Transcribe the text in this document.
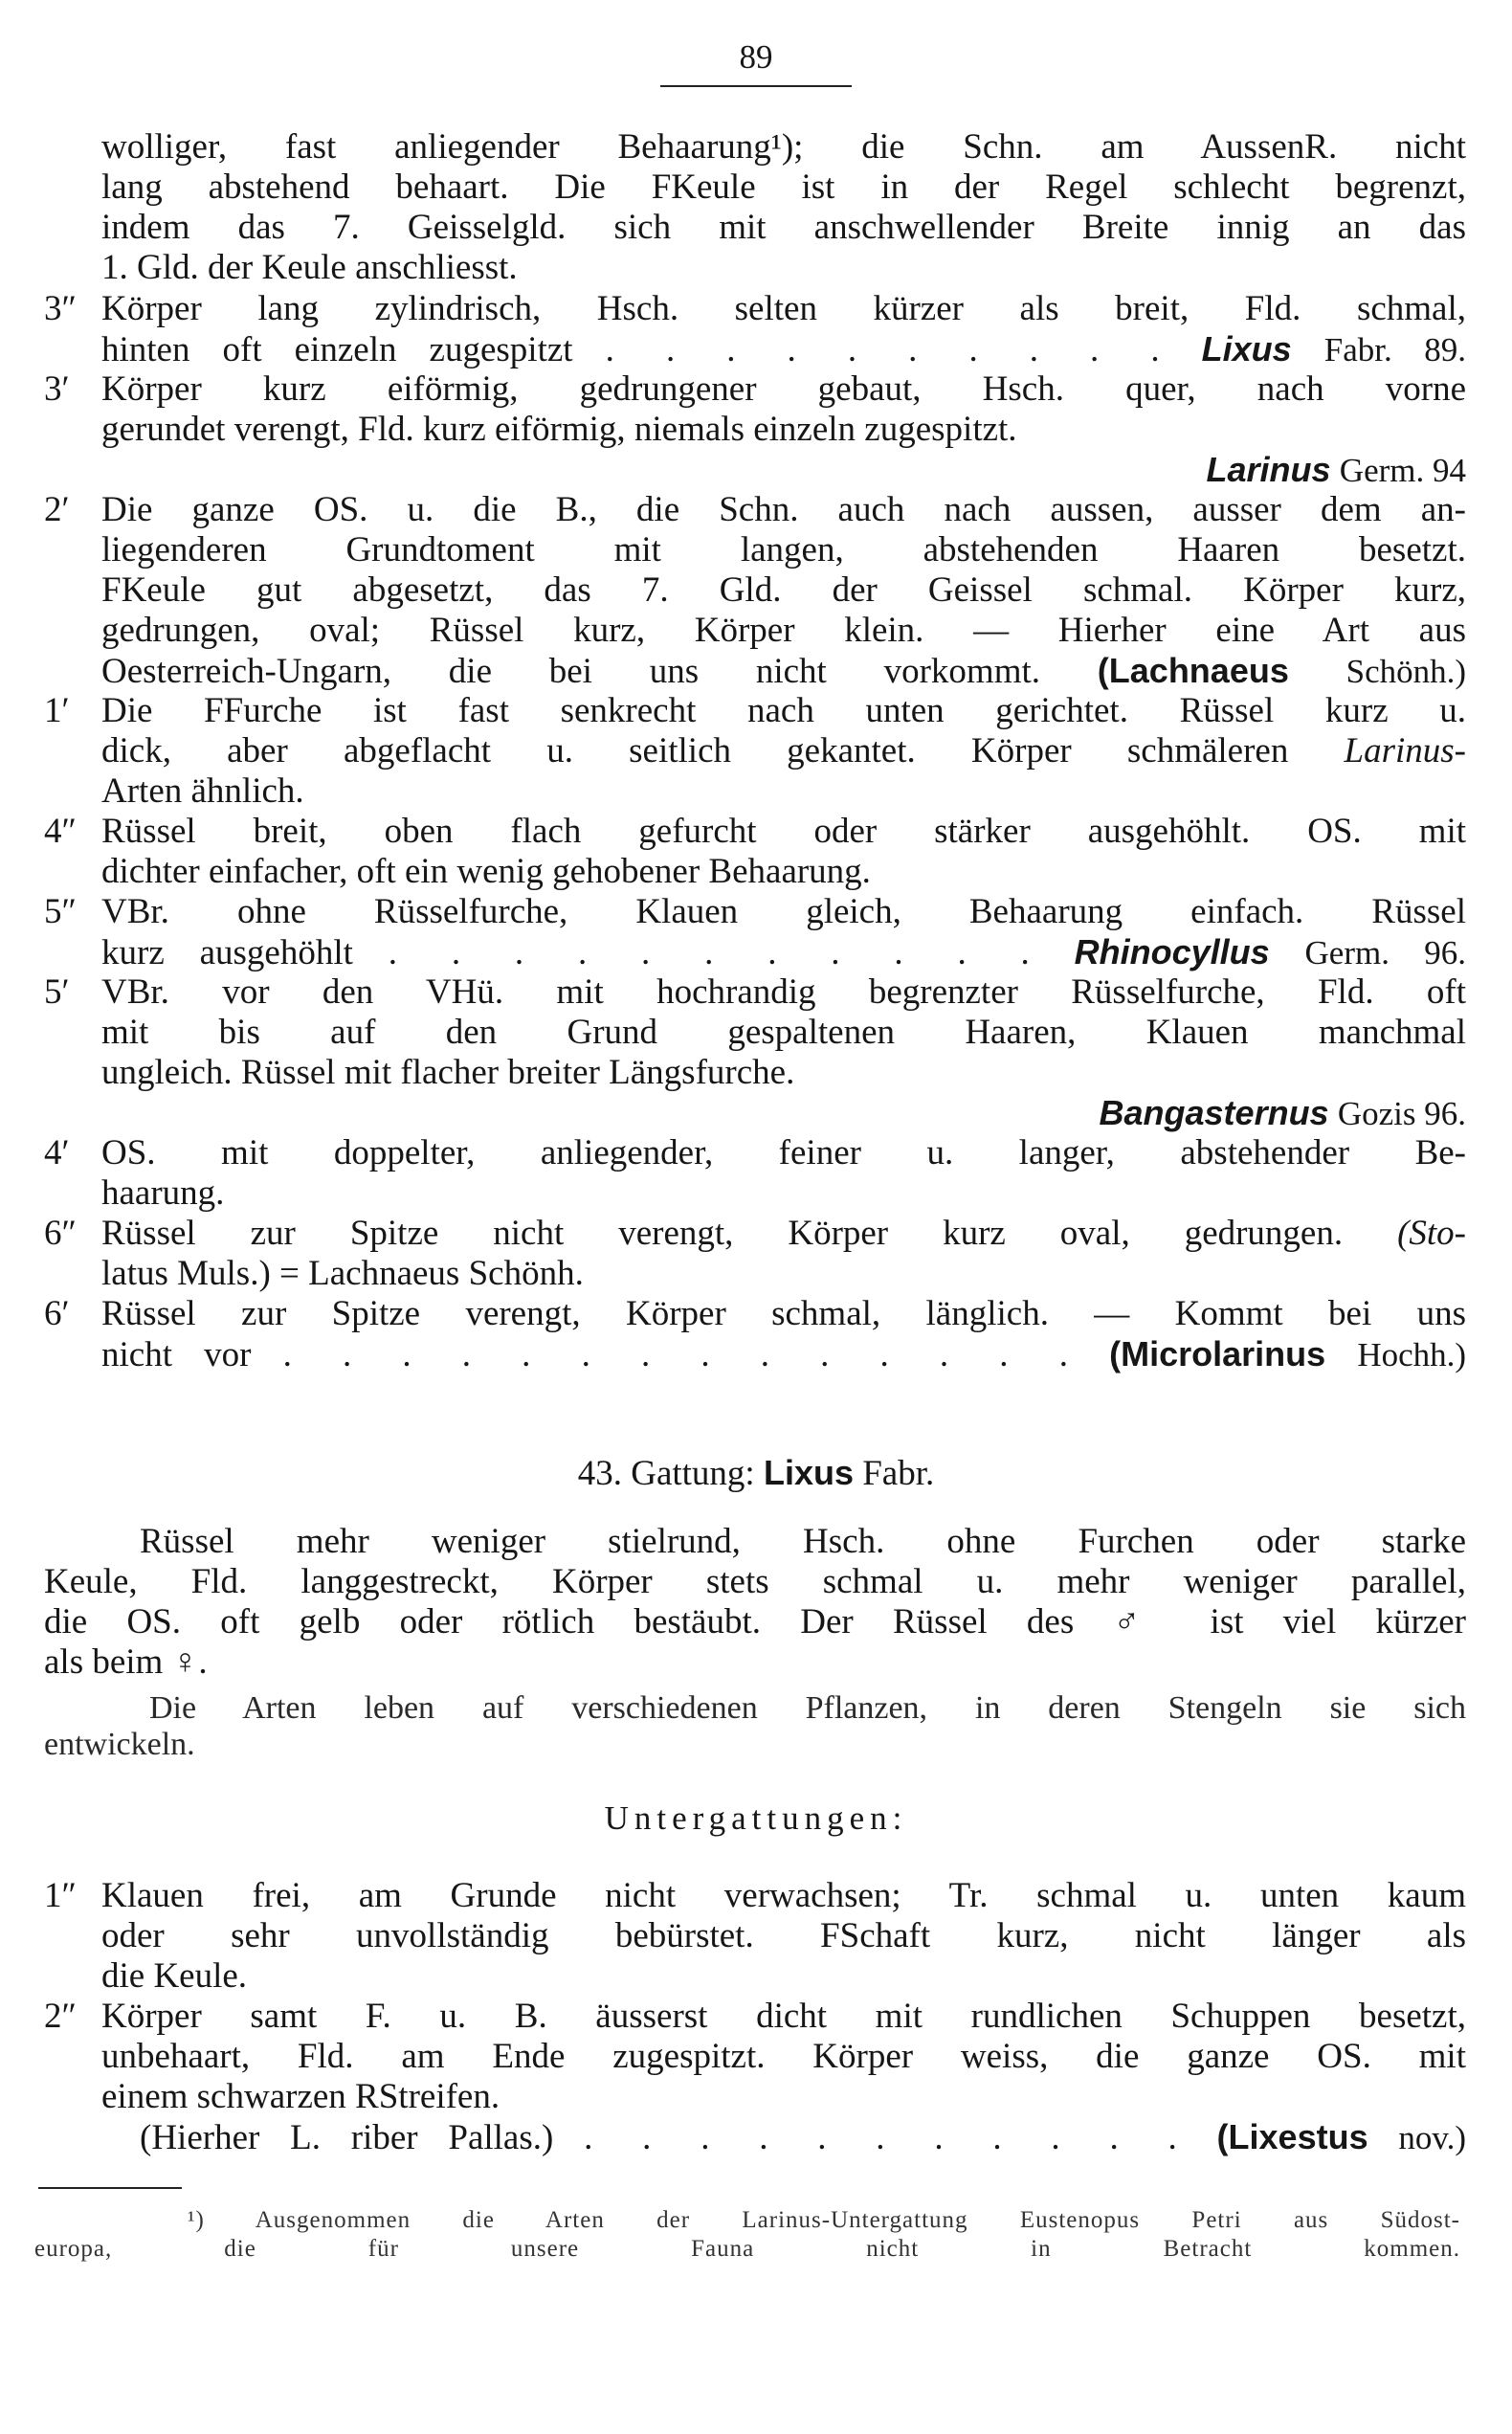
89
wolliger, fast anliegender Behaarung¹); die Schn. am AussenR. nicht
lang abstehend behaart. Die FKeule ist in der Regel schlecht begrenzt,
indem das 7. Geisselgld. sich mit anschwellender Breite innig an das
1. Gld. der Keule anschliesst.
3″ Körper lang zylindrisch, Hsch. selten kürzer als breit, Fld. schmal,
hinten oft einzeln zugespitzt . . . . . . . . . . Lixus Fabr. 89.
3′ Körper kurz eiförmig, gedrungener gebaut, Hsch. quer, nach vorne
gerundet verengt, Fld. kurz eiförmig, niemals einzeln zugespitzt.
Larinus Germ. 94
2′ Die ganze OS. u. die B., die Schn. auch nach aussen, ausser dem an-
liegenderen Grundtoment mit langen, abstehenden Haaren besetzt.
FKeule gut abgesetzt, das 7. Gld. der Geissel schmal. Körper kurz,
gedrungen, oval; Rüssel kurz, Körper klein. — Hierher eine Art aus
Oesterreich-Ungarn, die bei uns nicht vorkommt. (Lachnaeus Schönh.)
1′ Die FFurche ist fast senkrecht nach unten gerichtet. Rüssel kurz u.
dick, aber abgeflacht u. seitlich gekantet. Körper schmäleren Larinus-
Arten ähnlich.
4″ Rüssel breit, oben flach gefurcht oder stärker ausgehöhlt. OS. mit
dichter einfacher, oft ein wenig gehobener Behaarung.
5″ VBr. ohne Rüsselfurche, Klauen gleich, Behaarung einfach. Rüssel
kurz ausgehöhlt . . . . . . . . . . . Rhinocyllus Germ. 96.
5′ VBr. vor den VHü. mit hochrandig begrenzter Rüsselfurche, Fld. oft
mit bis auf den Grund gespaltenen Haaren, Klauen manchmal
ungleich. Rüssel mit flacher breiter Längsfurche.
Bangasternus Gozis 96.
4′ OS. mit doppelter, anliegender, feiner u. langer, abstehender Be-
haarung.
6″ Rüssel zur Spitze nicht verengt, Körper kurz oval, gedrungen. (Sto-
latus Muls.) = Lachnaeus Schönh.
6′ Rüssel zur Spitze verengt, Körper schmal, länglich. — Kommt bei uns
nicht vor . . . . . . . . . . . . . . (Microlarinus Hochh.)
43. Gattung: Lixus Fabr.
Rüssel mehr weniger stielrund, Hsch. ohne Furchen oder starke
Keule, Fld. langgestreckt, Körper stets schmal u. mehr weniger parallel,
die OS. oft gelb oder rötlich bestäubt. Der Rüssel des ♂ ist viel kürzer
als beim ♀.
Die Arten leben auf verschiedenen Pflanzen, in deren Stengeln sie sich
entwickeln.
Untergattungen:
1″ Klauen frei, am Grunde nicht verwachsen; Tr. schmal u. unten kaum
oder sehr unvollständig bebürstet. FSchaft kurz, nicht länger als
die Keule.
2″ Körper samt F. u. B. äusserst dicht mit rundlichen Schuppen besetzt,
unbehaart, Fld. am Ende zugespitzt. Körper weiss, die ganze OS. mit
einem schwarzen RStreifen.
(Hierher L. riber Pallas.) . . . . . . . . . . . (Lixestus nov.)
¹) Ausgenommen die Arten der Larinus-Untergattung Eustenopus Petri aus Südost-
europa, die für unsere Fauna nicht in Betracht kommen.
